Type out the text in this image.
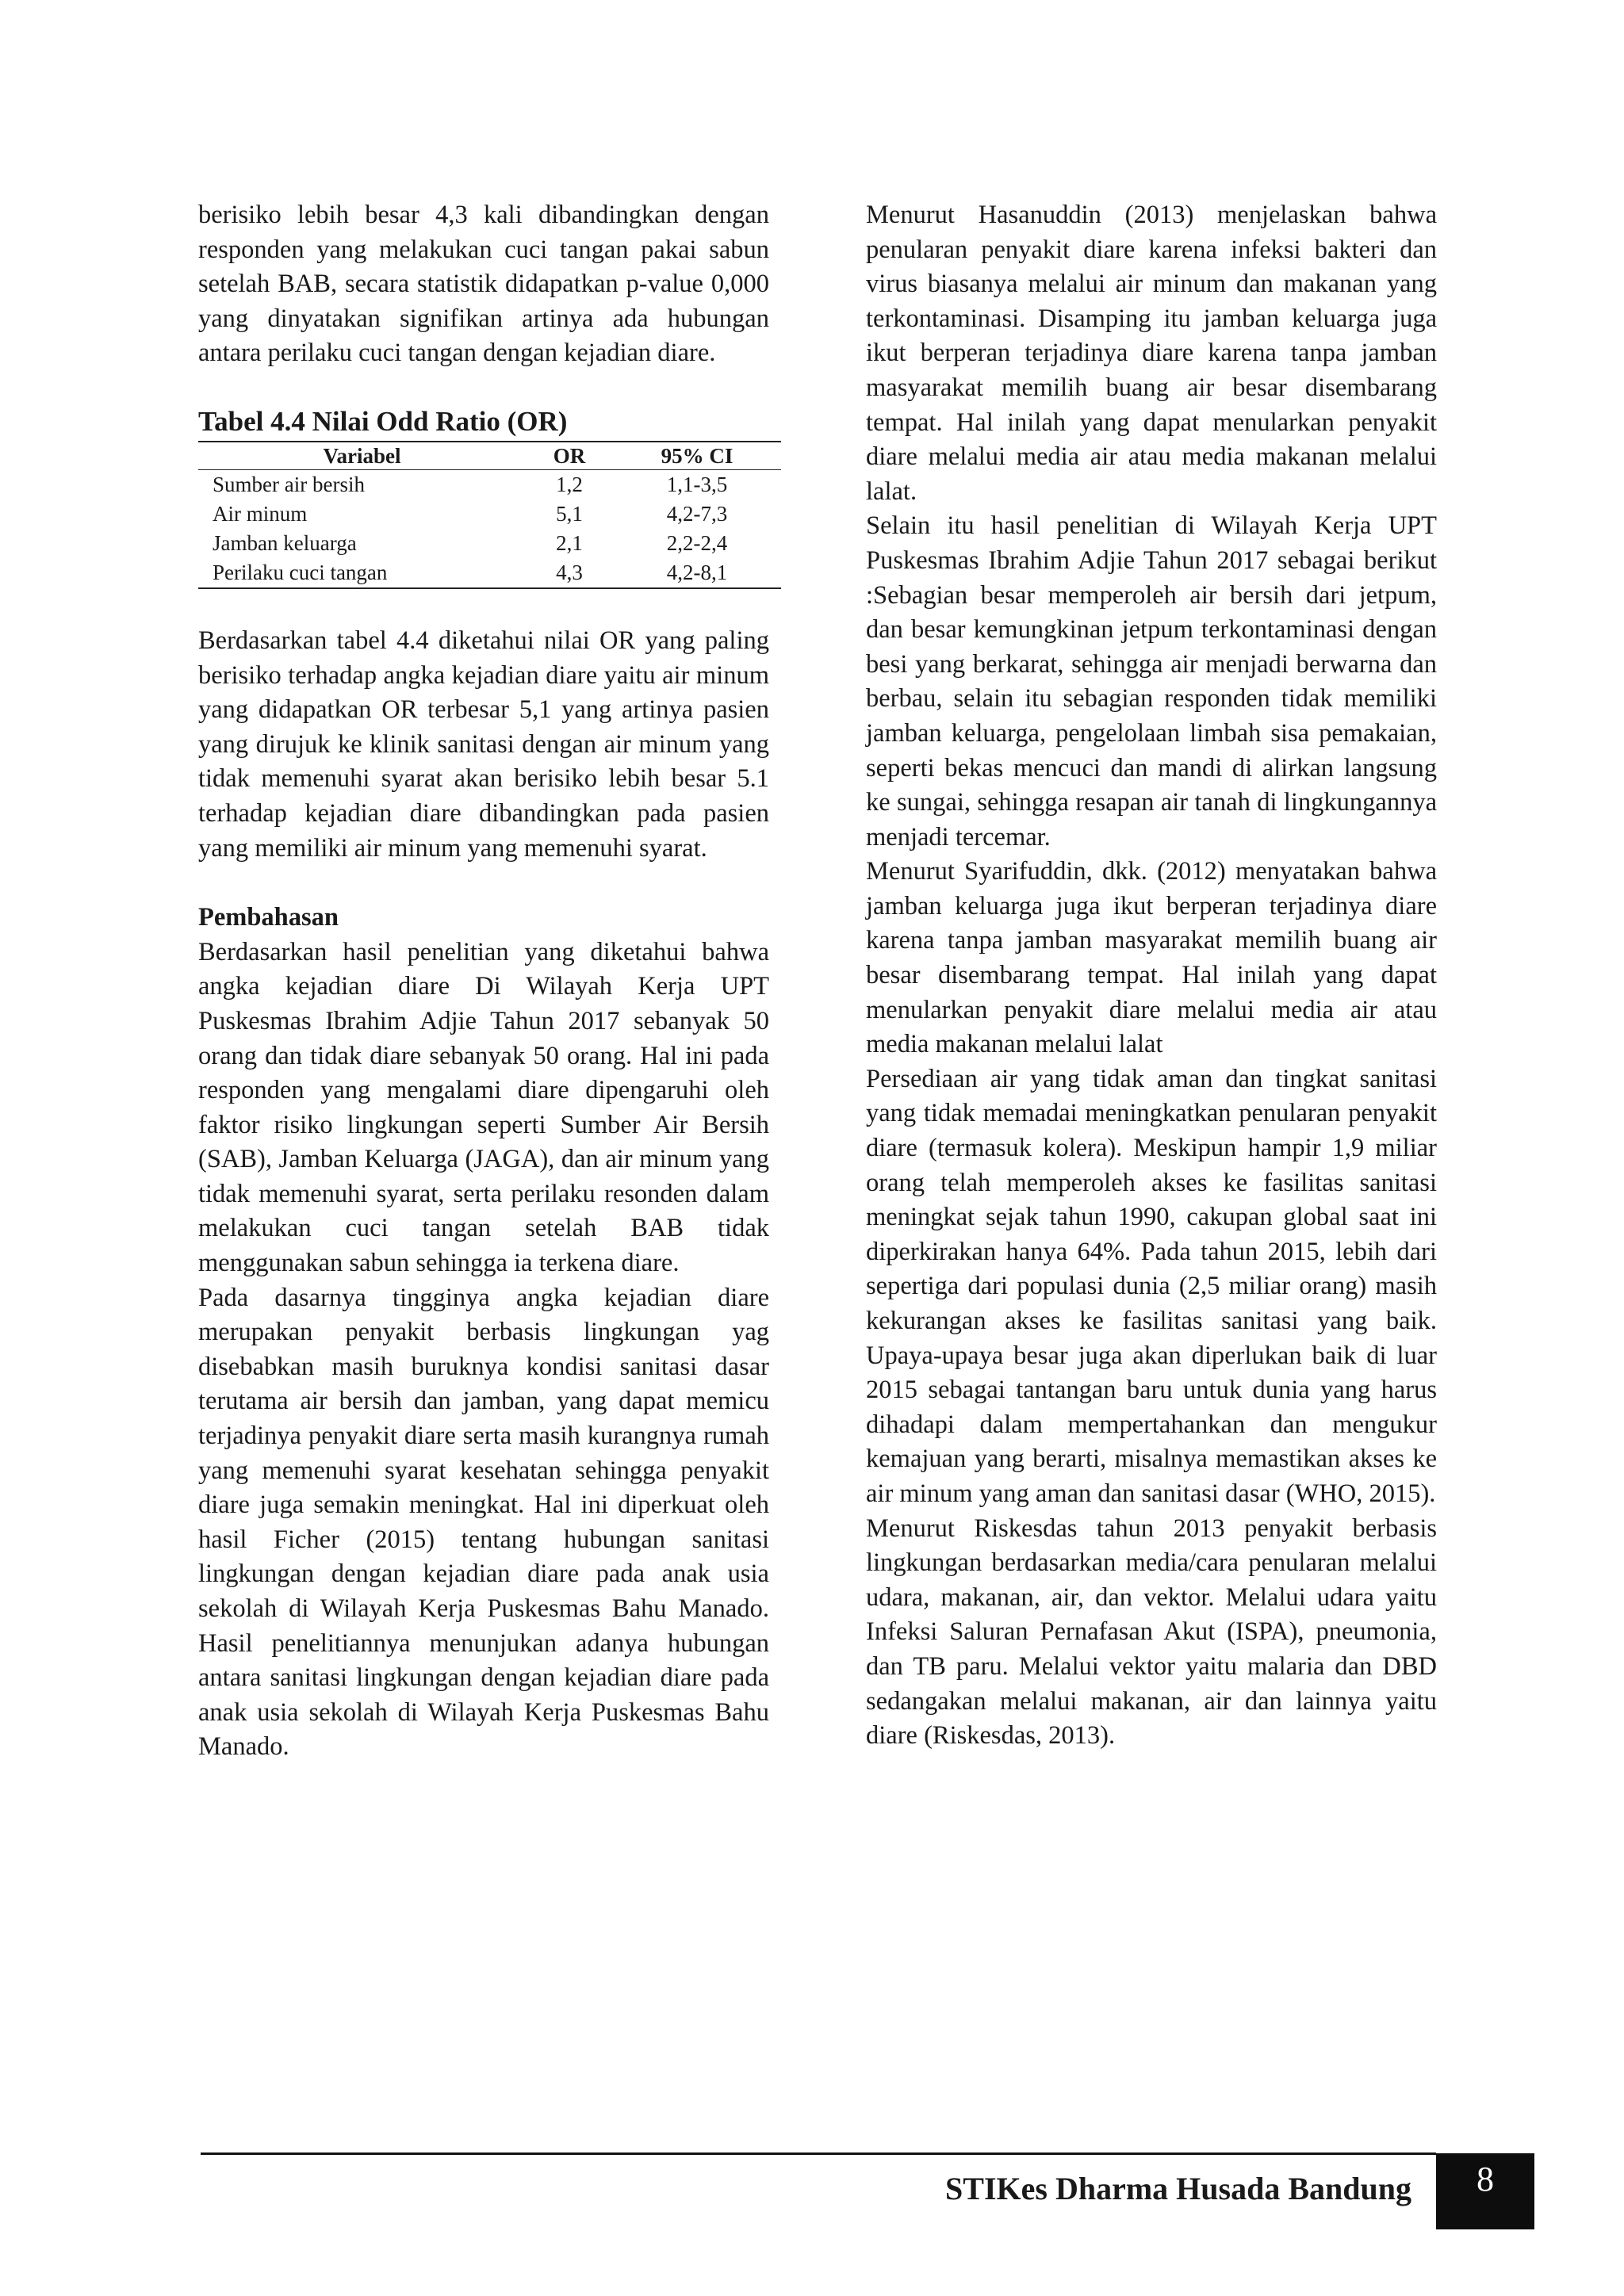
berisiko lebih besar 4,3 kali dibandingkan dengan responden yang melakukan cuci tangan pakai sabun setelah BAB, secara statistik didapatkan p-value 0,000 yang dinyatakan signifikan artinya ada hubungan antara perilaku cuci tangan dengan kejadian diare.

Tabel 4.4 Nilai Odd Ratio (OR)
Variabel	OR	95% CI
Sumber air bersih	1,2	1,1-3,5
Air minum	5,1	4,2-7,3
Jamban keluarga	2,1	2,2-2,4
Perilaku cuci tangan	4,3	4,2-8,1

Berdasarkan tabel 4.4 diketahui nilai OR yang paling berisiko terhadap angka kejadian diare yaitu air minum yang didapatkan OR terbesar 5,1 yang artinya pasien yang dirujuk ke klinik sanitasi dengan air minum yang tidak memenuhi syarat akan berisiko lebih besar 5.1 terhadap kejadian diare dibandingkan pada pasien yang memiliki air minum yang memenuhi syarat.

Pembahasan

Berdasarkan hasil penelitian yang diketahui bahwa angka kejadian diare Di Wilayah Kerja UPT Puskesmas Ibrahim Adjie Tahun 2017 sebanyak 50 orang dan tidak diare sebanyak 50 orang. Hal ini pada responden yang mengalami diare dipengaruhi oleh faktor risiko lingkungan seperti Sumber Air Bersih (SAB), Jamban Keluarga (JAGA), dan air minum yang tidak memenuhi syarat, serta perilaku resonden dalam melakukan cuci tangan setelah BAB tidak menggunakan sabun sehingga ia terkena diare.

Pada dasarnya tingginya angka kejadian diare merupakan penyakit berbasis lingkungan yag disebabkan masih buruknya kondisi sanitasi dasar terutama air bersih dan jamban, yang dapat memicu terjadinya penyakit diare serta masih kurangnya rumah yang memenuhi syarat kesehatan sehingga penyakit diare juga semakin meningkat. Hal ini diperkuat oleh hasil Ficher (2015) tentang hubungan sanitasi lingkungan dengan kejadian diare pada anak usia sekolah di Wilayah Kerja Puskesmas Bahu Manado. Hasil penelitiannya menunjukan adanya hubungan antara sanitasi lingkungan dengan kejadian diare pada anak usia sekolah di Wilayah Kerja Puskesmas Bahu Manado.

Menurut Hasanuddin (2013) menjelaskan bahwa penularan penyakit diare karena infeksi bakteri dan virus biasanya melalui air minum dan makanan yang terkontaminasi. Disamping itu jamban keluarga juga ikut berperan terjadinya diare karena tanpa jamban masyarakat memilih buang air besar disembarang tempat. Hal inilah yang dapat menularkan penyakit diare melalui media air atau media makanan melalui lalat.

Selain itu hasil penelitian di Wilayah Kerja UPT Puskesmas Ibrahim Adjie Tahun 2017 sebagai berikut :Sebagian besar memperoleh air bersih dari jetpum, dan besar kemungkinan jetpum terkontaminasi dengan besi yang berkarat, sehingga air menjadi berwarna dan berbau, selain itu sebagian responden tidak memiliki jamban keluarga, pengelolaan limbah sisa pemakaian, seperti bekas mencuci dan mandi di alirkan langsung ke sungai, sehingga resapan air tanah di lingkungannya menjadi tercemar.

Menurut Syarifuddin, dkk. (2012) menyatakan bahwa jamban keluarga juga ikut berperan terjadinya diare karena tanpa jamban masyarakat memilih buang air besar disembarang tempat. Hal inilah yang dapat menularkan penyakit diare melalui media air atau media makanan melalui lalat

Persediaan air yang tidak aman dan tingkat sanitasi yang tidak memadai meningkatkan penularan penyakit diare (termasuk kolera). Meskipun hampir 1,9 miliar orang telah memperoleh akses ke fasilitas sanitasi meningkat sejak tahun 1990, cakupan global saat ini diperkirakan hanya 64%. Pada tahun 2015, lebih dari sepertiga dari populasi dunia (2,5 miliar orang) masih kekurangan akses ke fasilitas sanitasi yang baik. Upaya-upaya besar juga akan diperlukan baik di luar 2015 sebagai tantangan baru untuk dunia yang harus dihadapi dalam mempertahankan dan mengukur kemajuan yang berarti, misalnya memastikan akses ke air minum yang aman dan sanitasi dasar (WHO, 2015).

Menurut Riskesdas tahun 2013 penyakit berbasis lingkungan berdasarkan media/cara penularan melalui udara, makanan, air, dan vektor. Melalui udara yaitu Infeksi Saluran Pernafasan Akut (ISPA), pneumonia, dan TB paru. Melalui vektor yaitu malaria dan DBD sedangakan melalui makanan, air dan lainnya yaitu diare (Riskesdas, 2013).

STIKes Dharma Husada Bandung	8
